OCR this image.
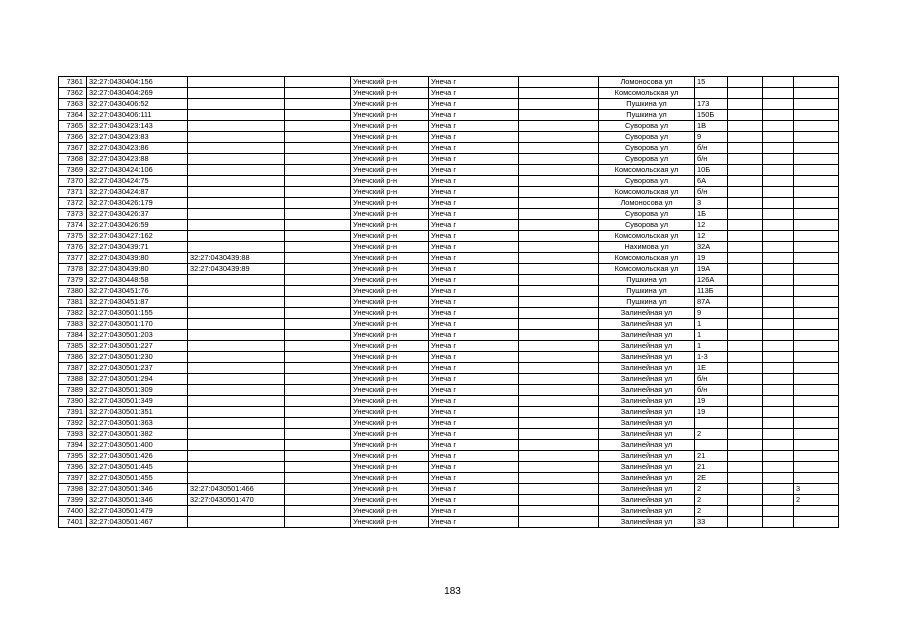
7361	32:27:0430404:156			Унечский р-н	Унеча г		Ломоносова ул	15			
7362	32:27:0430404:269			Унечский р-н	Унеча г		Комсомольская ул				
7363	32:27:0430406:52			Унечский р-н	Унеча г		Пушкина ул	173			
7364	32:27:0430406:111			Унечский р-н	Унеча г		Пушкина ул	150Б			
7365	32:27:0430423:143			Унечский р-н	Унеча г		Суворова ул	1В			
7366	32:27:0430423:83			Унечский р-н	Унеча г		Суворова ул	9			
7367	32:27:0430423:86			Унечский р-н	Унеча г		Суворова ул	б/н			
7368	32:27:0430423:88			Унечский р-н	Унеча г		Суворова ул	б/н			
7369	32:27:0430424:106			Унечский р-н	Унеча г		Комсомольская ул	10Б			
7370	32:27:0430424:75			Унечский р-н	Унеча г		Суворова ул	6А			
7371	32:27:0430424:87			Унечский р-н	Унеча г		Комсомольская ул	б/н			
7372	32:27:0430426:179			Унечский р-н	Унеча г		Ломоносова ул	3			
7373	32:27:0430426:37			Унечский р-н	Унеча г		Суворова ул	1Б			
7374	32:27:0430426:59			Унечский р-н	Унеча г		Суворова ул	12			
7375	32:27:0430427:162			Унечский р-н	Унеча г		Комсомольская ул	12			
7376	32:27:0430439:71			Унечский р-н	Унеча г		Нахимова ул	32А			
7377	32:27:0430439:80	32:27:0430439:88		Унечский р-н	Унеча г		Комсомольская ул	19			
7378	32:27:0430439:80	32:27:0430439:89		Унечский р-н	Унеча г		Комсомольская ул	19А			
7379	32:27:0430448:58			Унечский р-н	Унеча г		Пушкина ул	126А			
7380	32:27:0430451:76			Унечский р-н	Унеча г		Пушкина ул	113Б			
7381	32:27:0430451:87			Унечский р-н	Унеча г		Пушкина ул	87А			
7382	32:27:0430501:155			Унечский р-н	Унеча г		Залинейная ул	9			
7383	32:27:0430501:170			Унечский р-н	Унеча г		Залинейная ул	1			
7384	32:27:0430501:203			Унечский р-н	Унеча г		Залинейная ул	1			
7385	32:27:0430501:227			Унечский р-н	Унеча г		Залинейная ул	1			
7386	32:27:0430501:230			Унечский р-н	Унеча г		Залинейная ул	1-3			
7387	32:27:0430501:237			Унечский р-н	Унеча г		Залинейная ул	1Е			
7388	32:27:0430501:294			Унечский р-н	Унеча г		Залинейная ул	б/н			
7389	32:27:0430501:309			Унечский р-н	Унеча г		Залинейная ул	б/н			
7390	32:27:0430501:349			Унечский р-н	Унеча г		Залинейная ул	19			
7391	32:27:0430501:351			Унечский р-н	Унеча г		Залинейная ул	19			
7392	32:27:0430501:363			Унечский р-н	Унеча г		Залинейная ул				
7393	32:27:0430501:382			Унечский р-н	Унеча г		Залинейная ул	2			
7394	32:27:0430501:400			Унечский р-н	Унеча г		Залинейная ул				
7395	32:27:0430501:426			Унечский р-н	Унеча г		Залинейная ул	21			
7396	32:27:0430501:445			Унечский р-н	Унеча г		Залинейная ул	21			
7397	32:27:0430501:455			Унечский р-н	Унеча г		Залинейная ул	2Е			
7398	32:27:0430501:346	32:27:0430501:466		Унечский р-н	Унеча г		Залинейная ул	2			3
7399	32:27:0430501:346	32:27:0430501:470		Унечский р-н	Унеча г		Залинейная ул	2			2
7400	32:27:0430501:479			Унечский р-н	Унеча г		Залинейная ул	2			
7401	32:27:0430501:467			Унечский р-н	Унеча г		Залинейная ул	33			
183
